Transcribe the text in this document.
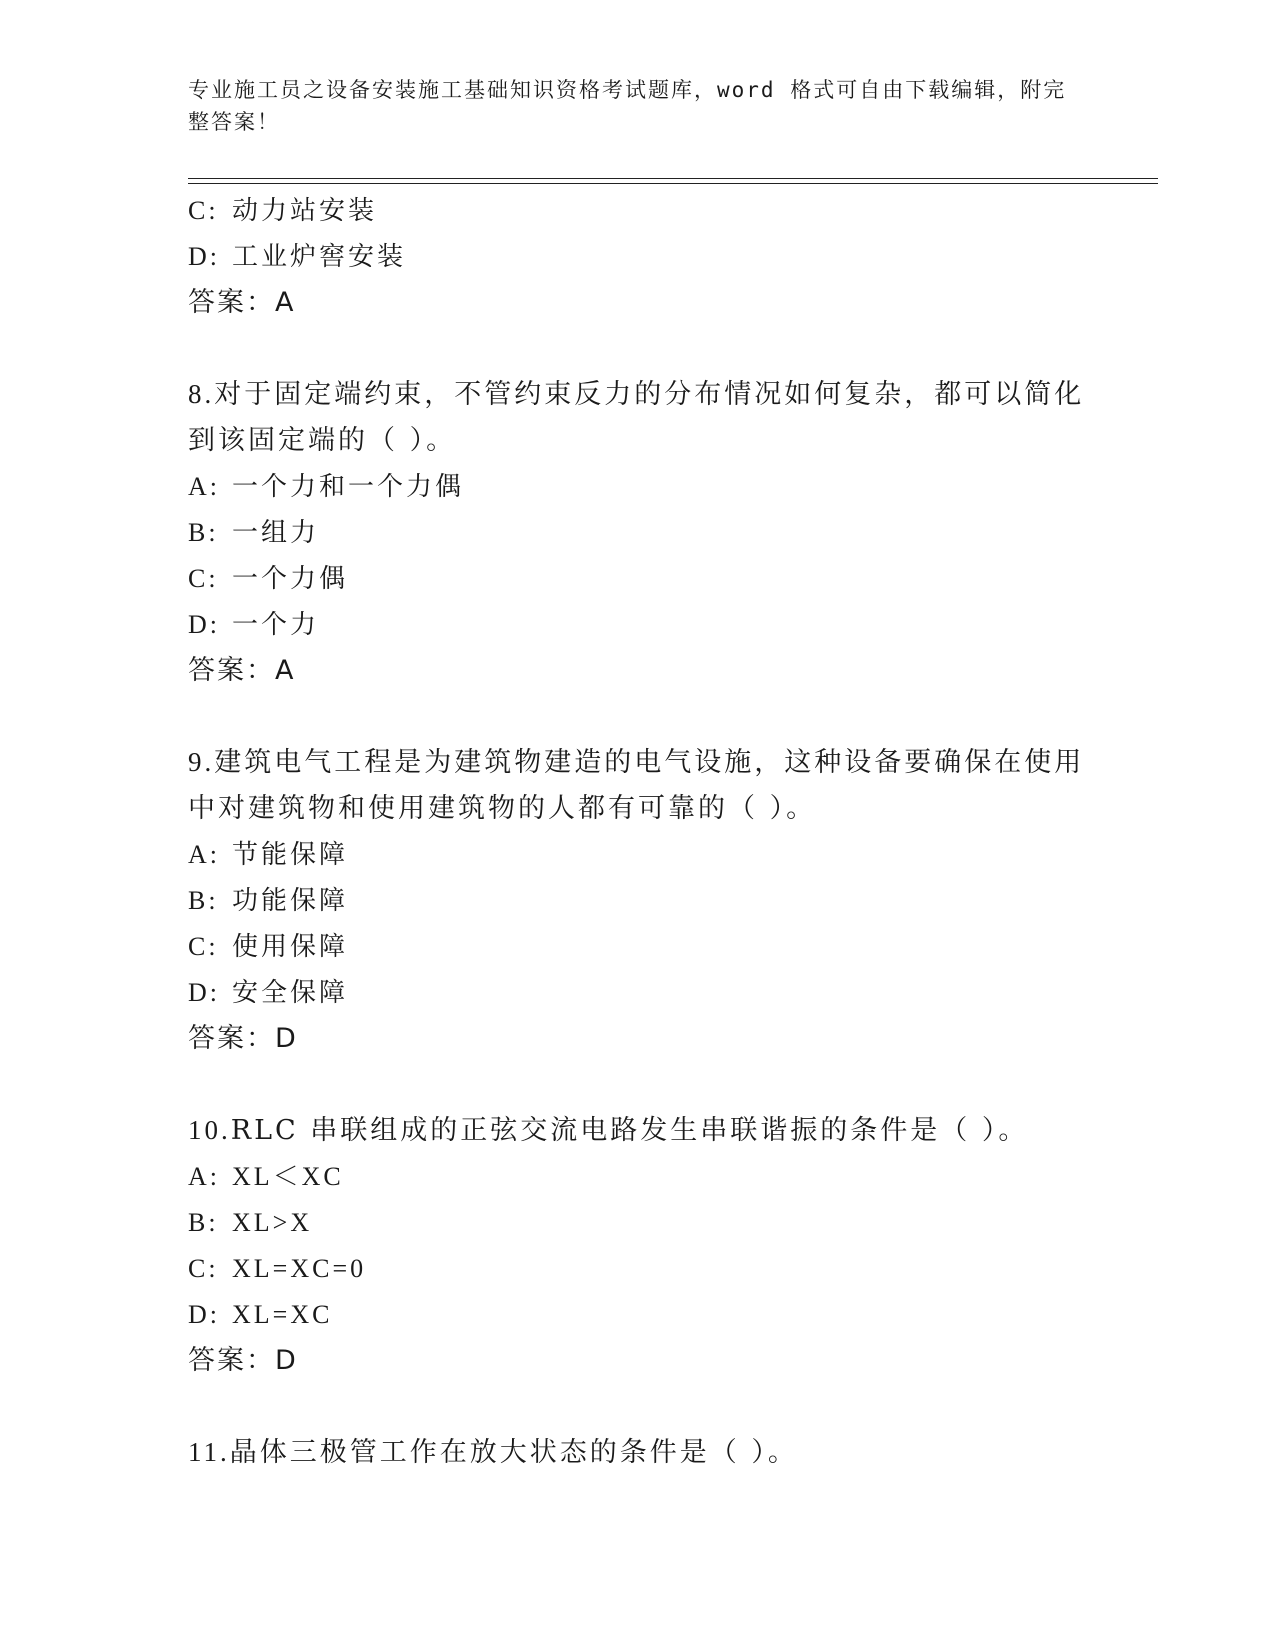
专业施工员之设备安装施工基础知识资格考试题库，word 格式可自由下载编辑，附完整答案！
C: 动力站安装
D: 工业炉窖安装
答案：A
8.对于固定端约束，不管约束反力的分布情况如何复杂，都可以简化
到该固定端的（ ）。
A: 一个力和一个力偶
B: 一组力
C: 一个力偶
D: 一个力
答案：A
9.建筑电气工程是为建筑物建造的电气设施，这种设备要确保在使用
中对建筑物和使用建筑物的人都有可靠的（ ）。
A: 节能保障
B: 功能保障
C: 使用保障
D: 安全保障
答案：D
10.RLC 串联组成的正弦交流电路发生串联谐振的条件是（ ）。
A: XL＜XC
B: XL>X
C: XL=XC=0
D: XL=XC
答案：D
11.晶体三极管工作在放大状态的条件是（ ）。
